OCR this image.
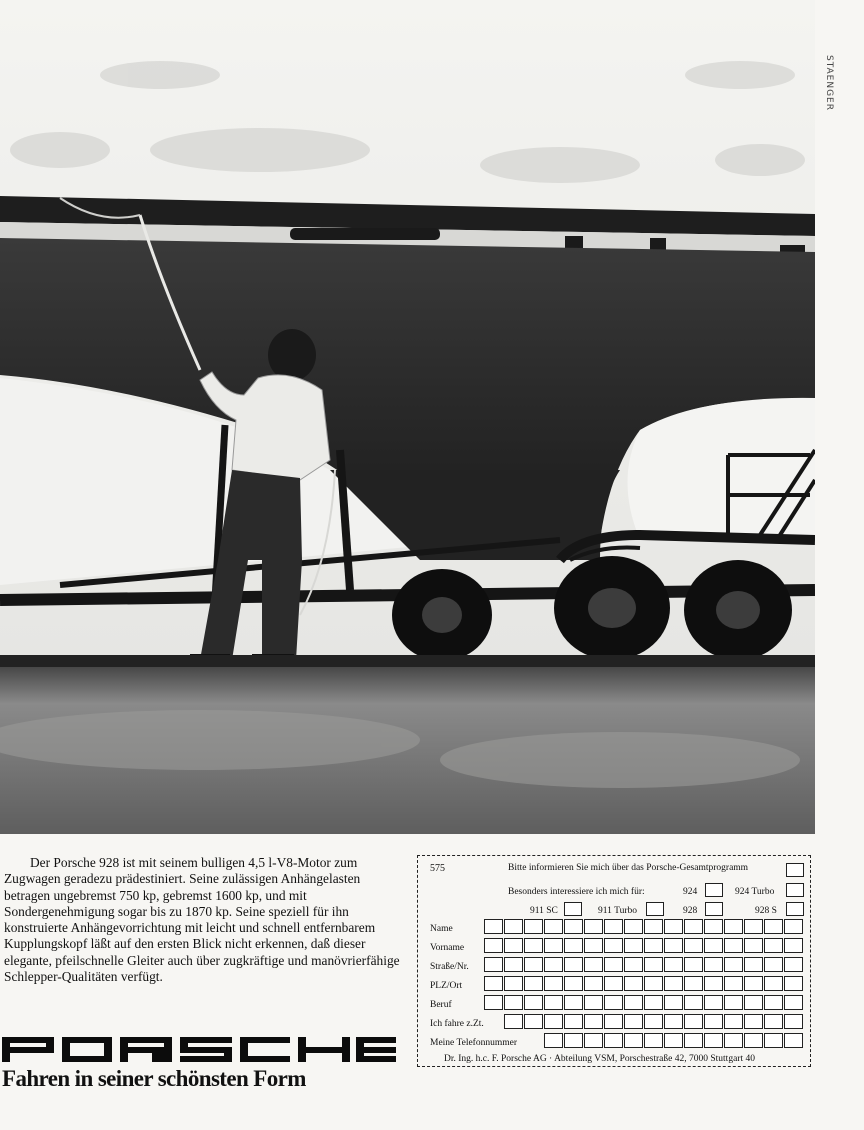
STAENGER
Der Porsche 928 ist mit seinem bulligen 4,5 l-V8-Motor zum Zugwagen geradezu prädestiniert. Seine zulässigen Anhängelasten betragen ungebremst 750 kp, gebremst 1600 kp, und mit Sondergenehmigung sogar bis zu 1870 kp. Seine speziell für ihn konstruierte Anhängevorrichtung mit leicht und schnell entfernbarem Kupplungskopf läßt auf den ersten Blick nicht erkennen, daß dieser elegante, pfeilschnelle Gleiter auch über zugkräftige und manövrierfähige Schlepper-Qualitäten verfügt.
Fahren in seiner schönsten Form
575	Bitte informieren Sie mich über das Porsche-Gesamtprogramm
Besonders interessiere ich mich für:	924	924 Turbo
911 SC	911 Turbo	928	928 S
Name
Vorname
Straße/Nr.
PLZ/Ort
Beruf
Ich fahre z.Zt.
Meine Telefonnummer
Dr. Ing. h.c. F. Porsche AG · Abteilung VSM, Porschestraße 42, 7000 Stuttgart 40
